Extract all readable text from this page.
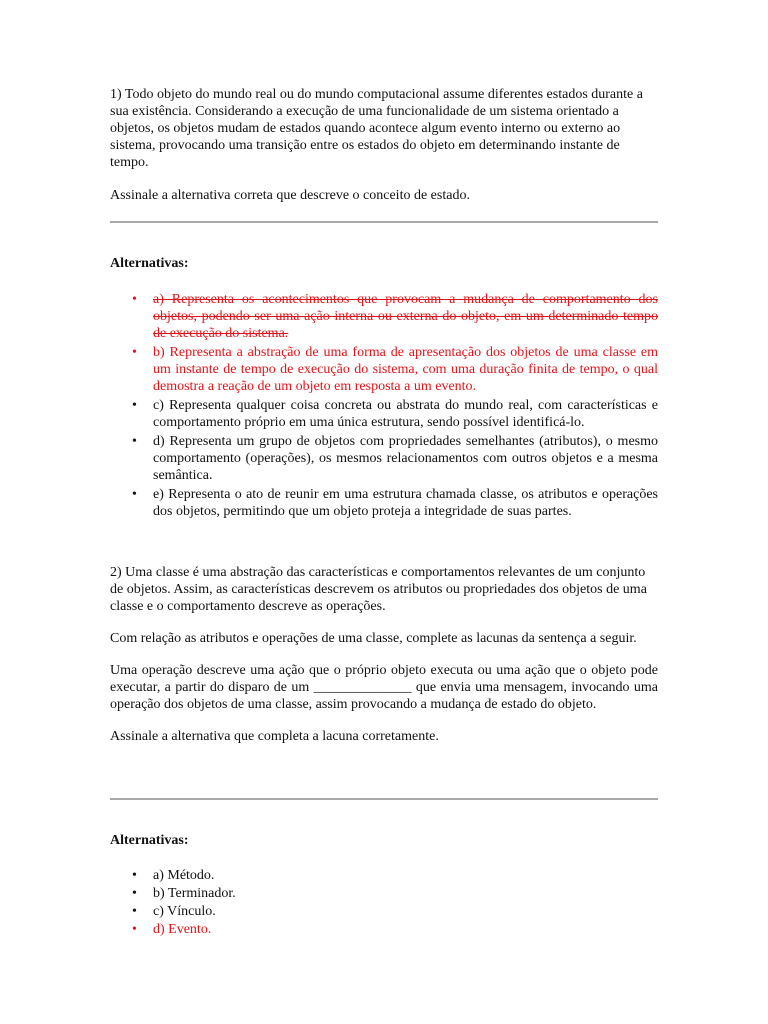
1) Todo objeto do mundo real ou do mundo computacional assume diferentes estados durante a sua existência. Considerando a execução de uma funcionalidade de um sistema orientado a objetos, os objetos mudam de estados quando acontece algum evento interno ou externo ao sistema, provocando uma transição entre os estados do objeto em determinando instante de tempo.

Assinale a alternativa correta que descreve o conceito de estado.

Alternativas:
• a) Representa os acontecimentos que provocam a mudança de comportamento dos objetos, podendo ser uma ação interna ou externa do objeto, em um determinado tempo de execução do sistema.
• b) Representa a abstração de uma forma de apresentação dos objetos de uma classe em um instante de tempo de execução do sistema, com uma duração finita de tempo, o qual demostra a reação de um objeto em resposta a um evento.
• c) Representa qualquer coisa concreta ou abstrata do mundo real, com características e comportamento próprio em uma única estrutura, sendo possível identificá-lo.
• d) Representa um grupo de objetos com propriedades semelhantes (atributos), o mesmo comportamento (operações), os mesmos relacionamentos com outros objetos e a mesma semântica.
• e) Representa o ato de reunir em uma estrutura chamada classe, os atributos e operações dos objetos, permitindo que um objeto proteja a integridade de suas partes.

2) Uma classe é uma abstração das características e comportamentos relevantes de um conjunto de objetos. Assim, as características descrevem os atributos ou propriedades dos objetos de uma classe e o comportamento descreve as operações.

Com relação as atributos e operações de uma classe, complete as lacunas da sentença a seguir.

Uma operação descreve uma ação que o próprio objeto executa ou uma ação que o objeto pode executar, a partir do disparo de um ______________ que envia uma mensagem, invocando uma operação dos objetos de uma classe, assim provocando a mudança de estado do objeto.

Assinale a alternativa que completa a lacuna corretamente.

Alternativas:
• a) Método.
• b) Terminador.
• c) Vínculo.
• d) Evento.
